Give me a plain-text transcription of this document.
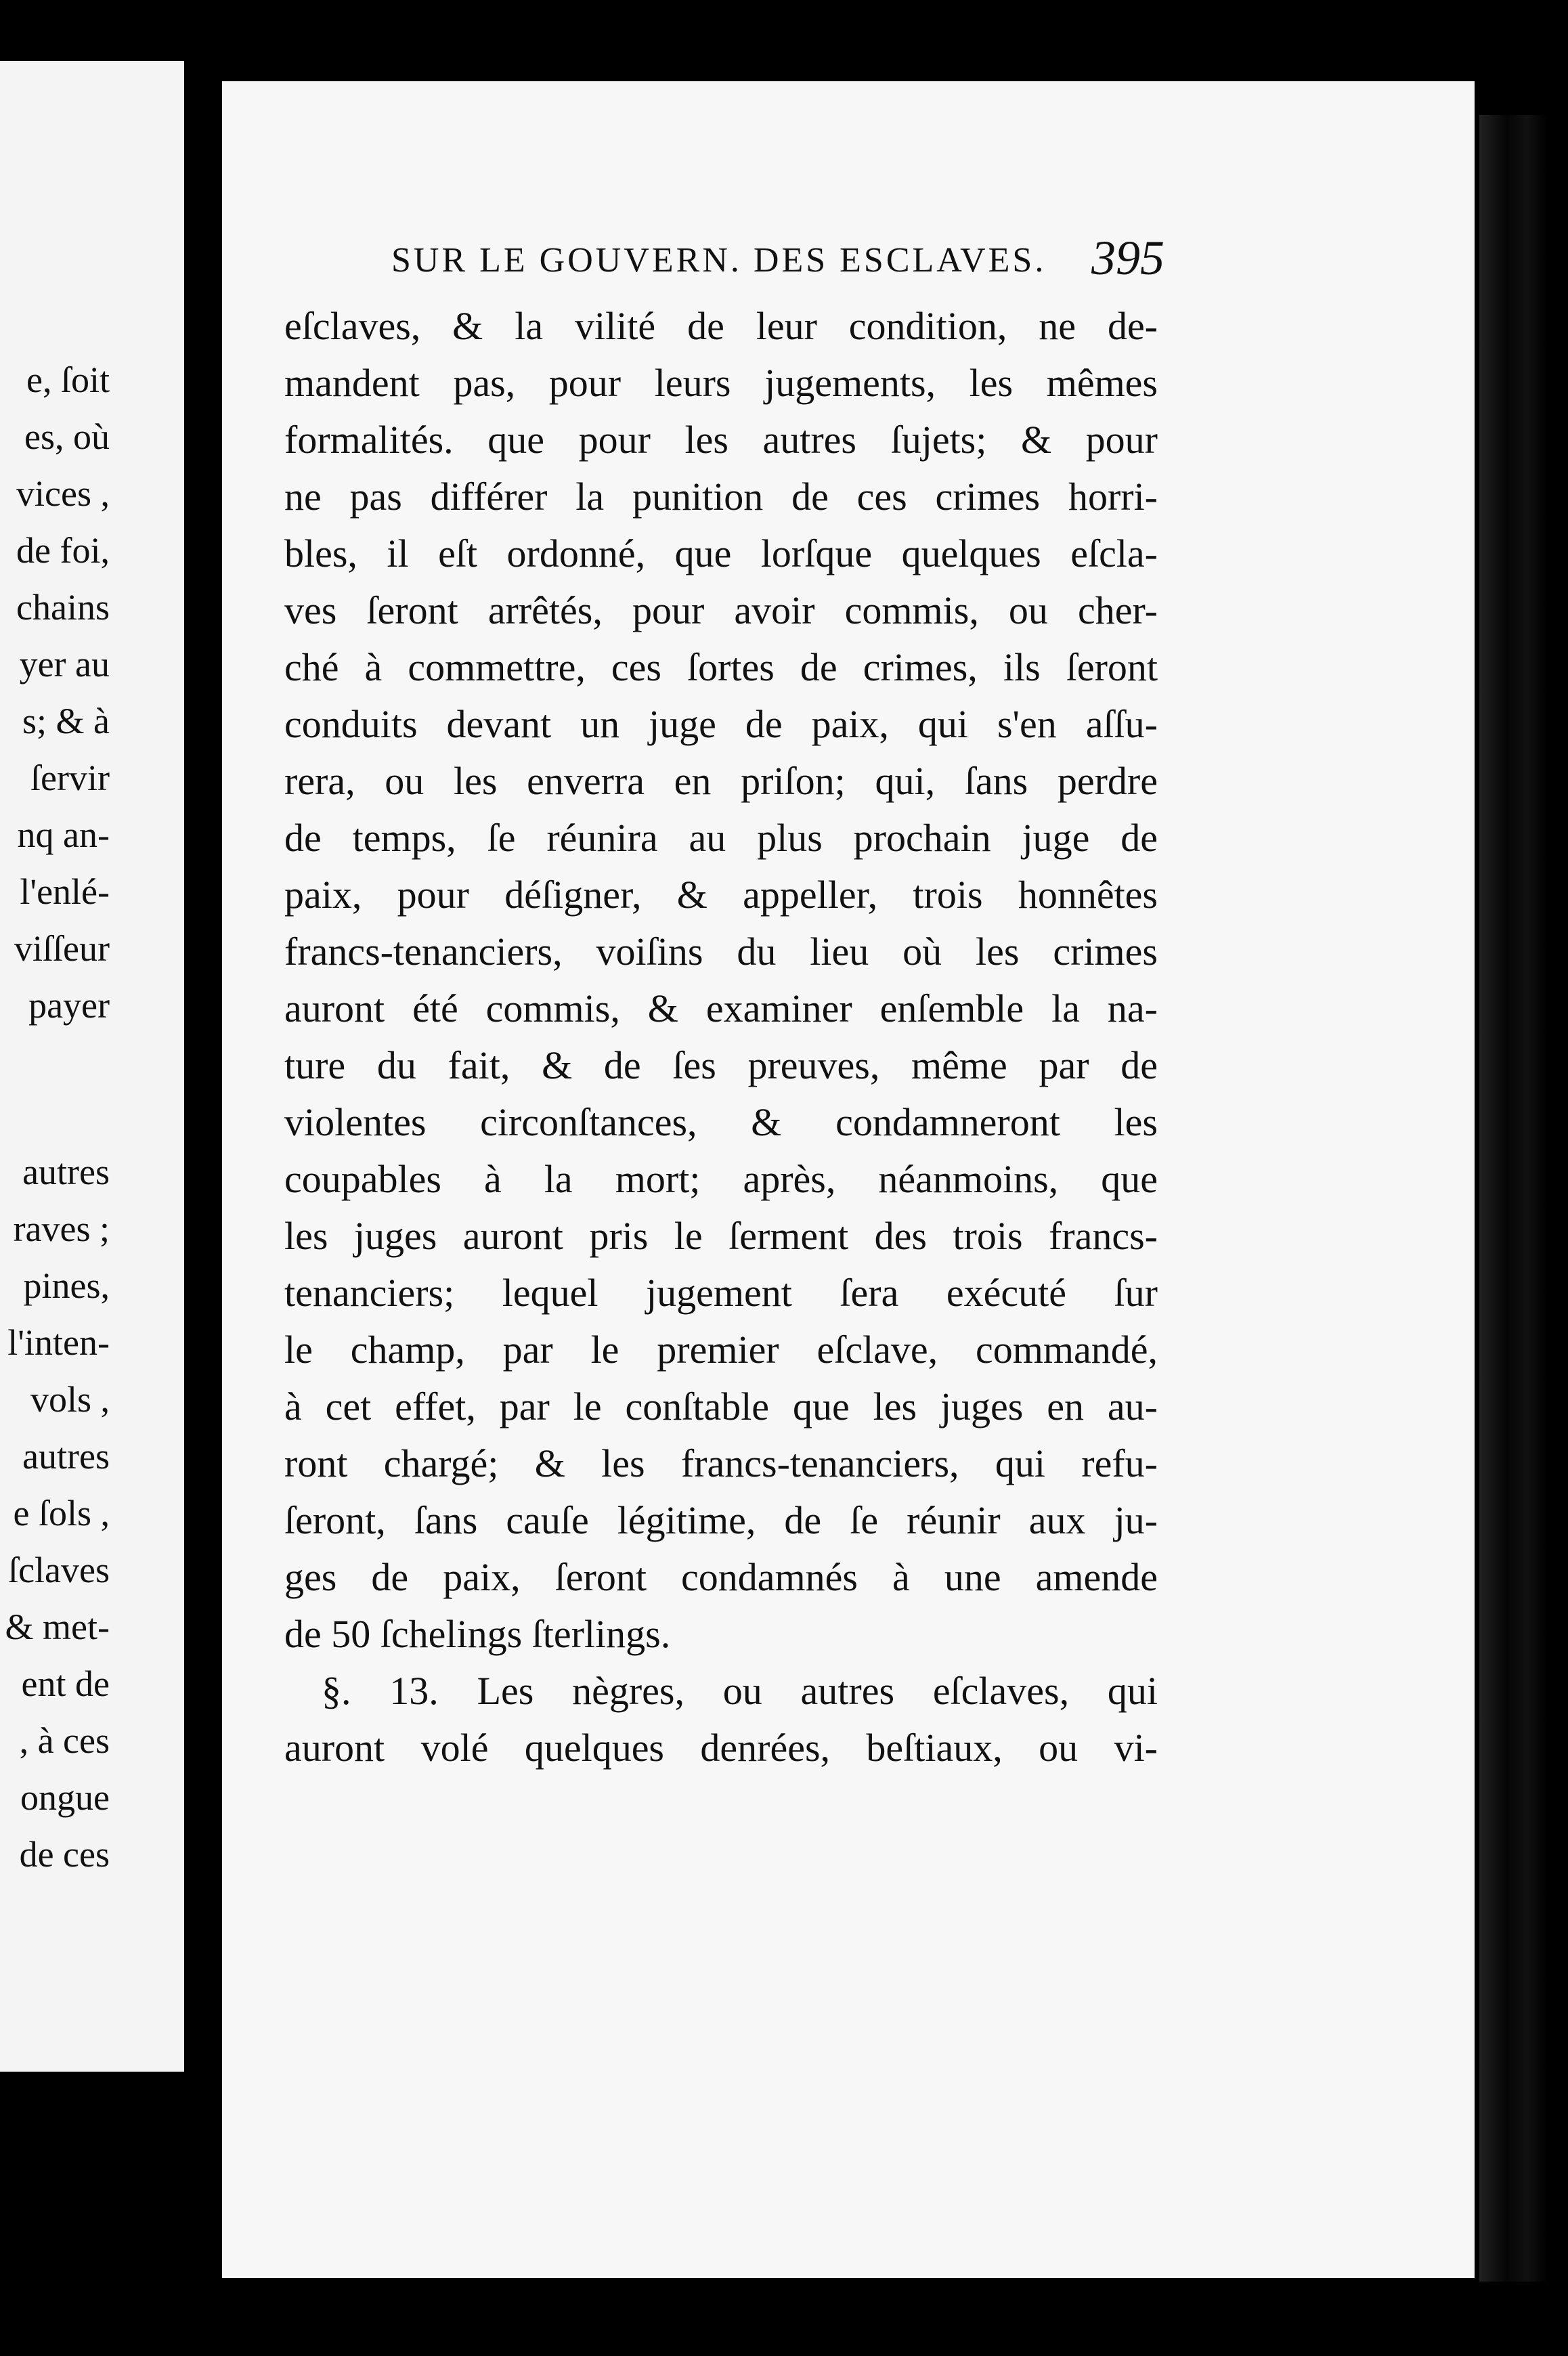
e, ſoit
es, où
vices ,
de foi,
chains
yer au
s; & à
ſervir
nq an-
l'enlé-
viſſeur
payer
autres
raves ;
pines,
l'inten-
vols ,
autres
e ſols ,
ſclaves
& met-
ent de
, à ces
ongue
de ces
SUR LE GOUVERN. DES ESCLAVES. 395
eſclaves, & la vilité de leur condition, ne de-
mandent pas, pour leurs jugements, les mêmes
formalités. que pour les autres ſujets; & pour
ne pas différer la punition de ces crimes horri-
bles, il eſt ordonné, que lorſque quelques eſcla-
ves ſeront arrêtés, pour avoir commis, ou cher-
ché à commettre, ces ſortes de crimes, ils ſeront
conduits devant un juge de paix, qui s'en aſſu-
rera, ou les enverra en priſon; qui, ſans perdre
de temps, ſe réunira au plus prochain juge de
paix, pour déſigner, & appeller, trois honnêtes
francs-tenanciers, voiſins du lieu où les crimes
auront été commis, & examiner enſemble la na-
ture du fait, & de ſes preuves, même par de
violentes circonſtances, & condamneront les
coupables à la mort; après, néanmoins, que
les juges auront pris le ſerment des trois francs-
tenanciers; lequel jugement ſera exécuté ſur
le champ, par le premier eſclave, commandé,
à cet effet, par le conſtable que les juges en au-
ront chargé; & les francs-tenanciers, qui refu-
ſeront, ſans cauſe légitime, de ſe réunir aux ju-
ges de paix, ſeront condamnés à une amende
de 50 ſchelings ſterlings.
§. 13. Les nègres, ou autres eſclaves, qui
auront volé quelques denrées, beſtiaux, ou vi-
